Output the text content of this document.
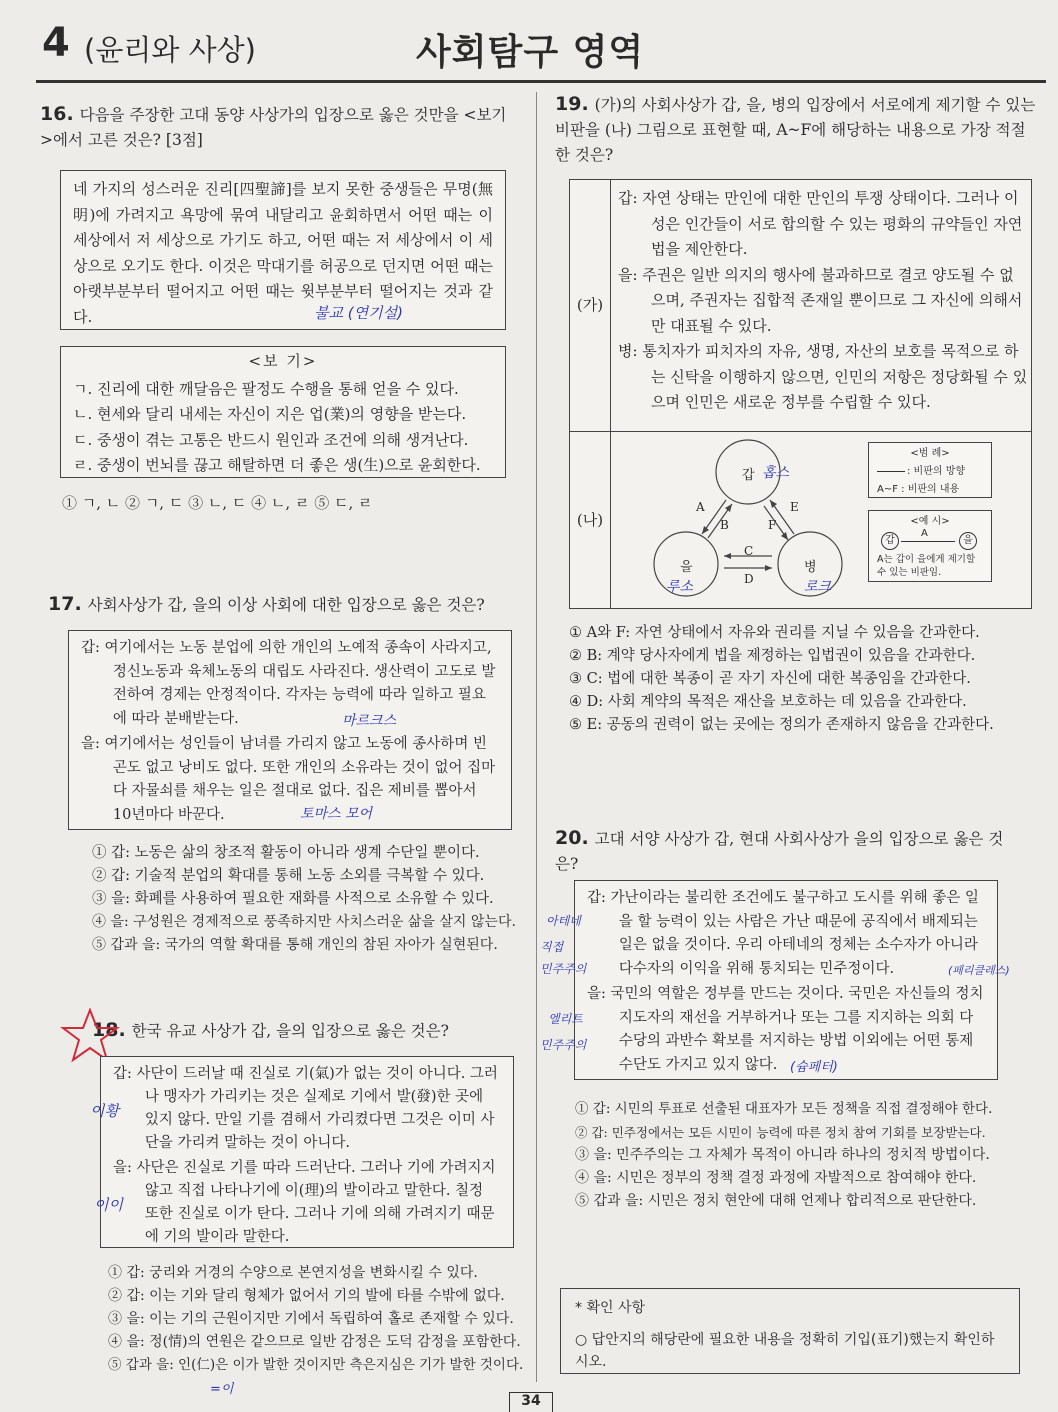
4 (윤리와 사상)	사회탐구 영역
16. 다음을 주장한 고대 동양 사상가의 입장으로 옳은 것만을 <보기>에서 고른 것은? [3점]
네 가지의 성스러운 진리[四聖諦]를 보지 못한 중생들은 무명(無明)에 가려지고 욕망에 묶여 내달리고 윤회하면서 어떤 때는 이 세상에서 저 세상으로 가기도 하고, 어떤 때는 저 세상에서 이 세상으로 오기도 한다. 이것은 막대기를 허공으로 던지면 어떤 때는 아랫부분부터 떨어지고 어떤 때는 윗부분부터 떨어지는 것과 같다.	불교 (연기설)
<보 기>
ㄱ. 진리에 대한 깨달음은 팔정도 수행을 통해 얻을 수 있다.
ㄴ. 현세와 달리 내세는 자신이 지은 업(業)의 영향을 받는다.
ㄷ. 중생이 겪는 고통은 반드시 원인과 조건에 의해 생겨난다.
ㄹ. 중생이 번뇌를 끊고 해탈하면 더 좋은 생(生)으로 윤회한다.
① ㄱ, ㄴ ② ㄱ, ㄷ ③ ㄴ, ㄷ ④ ㄴ, ㄹ ⑤ ㄷ, ㄹ
17. 사회사상가 갑, 을의 이상 사회에 대한 입장으로 옳은 것은?
갑: 여기에서는 노동 분업에 의한 개인의 노예적 종속이 사라지고, 정신노동과 육체노동의 대립도 사라진다. 생산력이 고도로 발전하여 경제는 안정적이다. 각자는 능력에 따라 일하고 필요에 따라 분배받는다.
을: 여기에서는 성인들이 남녀를 가리지 않고 노동에 종사하며 빈곤도 없고 낭비도 없다. 또한 개인의 소유라는 것이 없어 집마다 자물쇠를 채우는 일은 절대로 없다. 집은 제비를 뽑아서 10년마다 바꾼다.
마르크스
토마스 모어
① 갑: 노동은 삶의 창조적 활동이 아니라 생계 수단일 뿐이다.
② 갑: 기술적 분업의 확대를 통해 노동 소외를 극복할 수 있다.
③ 을: 화폐를 사용하여 필요한 재화를 사적으로 소유할 수 있다.
④ 을: 구성원은 경제적으로 풍족하지만 사치스러운 삶을 살지 않는다.
⑤ 갑과 을: 국가의 역할 확대를 통해 개인의 참된 자아가 실현된다.
18. 한국 유교 사상가 갑, 을의 입장으로 옳은 것은?
갑: 사단이 드러날 때 진실로 기(氣)가 없는 것이 아니다. 그러나 맹자가 가리키는 것은 실제로 기에서 발(發)한 곳에 있지 않다. 만일 기를 겸해서 가리켰다면 그것은 이미 사단을 가리켜 말하는 것이 아니다.
을: 사단은 진실로 기를 따라 드러난다. 그러나 기에 가려지지 않고 직접 나타나기에 이(理)의 발이라고 말한다. 칠정 또한 진실로 이가 탄다. 그러나 기에 의해 가려지기 때문에 기의 발이라 말한다.
이황
이이
① 갑: 궁리와 거경의 수양으로 본연지성을 변화시킬 수 있다.
② 갑: 이는 기와 달리 형체가 없어서 기의 발에 타를 수밖에 없다.
③ 을: 이는 기의 근원이지만 기에서 독립하여 홀로 존재할 수 있다.
④ 을: 정(情)의 연원은 같으므로 일반 감정은 도덕 감정을 포함한다.
⑤ 갑과 을: 인(仁)은 이가 발한 것이지만 측은지심은 기가 발한 것이다.
=이
19. (가)의 사회사상가 갑, 을, 병의 입장에서 서로에게 제기할 수 있는 비판을 (나) 그림으로 표현할 때, A~F에 해당하는 내용으로 가장 적절한 것은?
(가)
갑: 자연 상태는 만인에 대한 만인의 투쟁 상태이다. 그러나 이성은 인간들이 서로 합의할 수 있는 평화의 규약들인 자연법을 제안한다.
을: 주권은 일반 의지의 행사에 불과하므로 결코 양도될 수 없으며, 주권자는 집합적 존재일 뿐이므로 그 자신에 의해서만 대표될 수 있다.
병: 통치자가 피치자의 자유, 생명, 자산의 보호를 목적으로 하는 신탁을 이행하지 않으면, 인민의 저항은 정당화될 수 있으며 인민은 새로운 정부를 수립할 수 있다.
(나)
갑
을	병
홉스
루소	로크
A
B
C
D
E
F
<범 례>
: 비판의 방향
A~F : 비판의 내용
<예 시>
갑
A
을
A는 갑이 을에게 제기할 수 있는 비판임.
① A와 F: 자연 상태에서 자유와 권리를 지닐 수 있음을 간과한다.
② B: 계약 당사자에게 법을 제정하는 입법권이 있음을 간과한다.
③ C: 법에 대한 복종이 곧 자기 자신에 대한 복종임을 간과한다.
④ D: 사회 계약의 목적은 재산을 보호하는 데 있음을 간과한다.
⑤ E: 공동의 권력이 없는 곳에는 정의가 존재하지 않음을 간과한다.
20. 고대 서양 사상가 갑, 현대 사회사상가 을의 입장으로 옳은 것은?
갑: 가난이라는 불리한 조건에도 불구하고 도시를 위해 좋은 일을 할 능력이 있는 사람은 가난 때문에 공직에서 배제되는 일은 없을 것이다. 우리 아테네의 정체는 소수자가 아니라 다수자의 이익을 위해 통치되는 민주정이다.
을: 국민의 역할은 정부를 만드는 것이다. 국민은 자신들의 정치 지도자의 재선을 거부하거나 또는 그를 지지하는 의회 다수당의 과반수 확보를 저지하는 방법 이외에는 어떤 통제 수단도 가지고 있지 않다.
아테네
직접
민주주의
엘리트
민주주의
(페리클레스)
(슘페터)
① 갑: 시민의 투표로 선출된 대표자가 모든 정책을 직접 결정해야 한다.
② 갑: 민주정에서는 모든 시민이 능력에 따른 정치 참여 기회를 보장받는다.
③ 을: 민주주의는 그 자체가 목적이 아니라 하나의 정치적 방법이다.
④ 을: 시민은 정부의 정책 결정 과정에 자발적으로 참여해야 한다.
⑤ 갑과 을: 시민은 정치 현안에 대해 언제나 합리적으로 판단한다.
* 확인 사항
○ 답안지의 해당란에 필요한 내용을 정확히 기입(표기)했는지 확인하시오.
34
